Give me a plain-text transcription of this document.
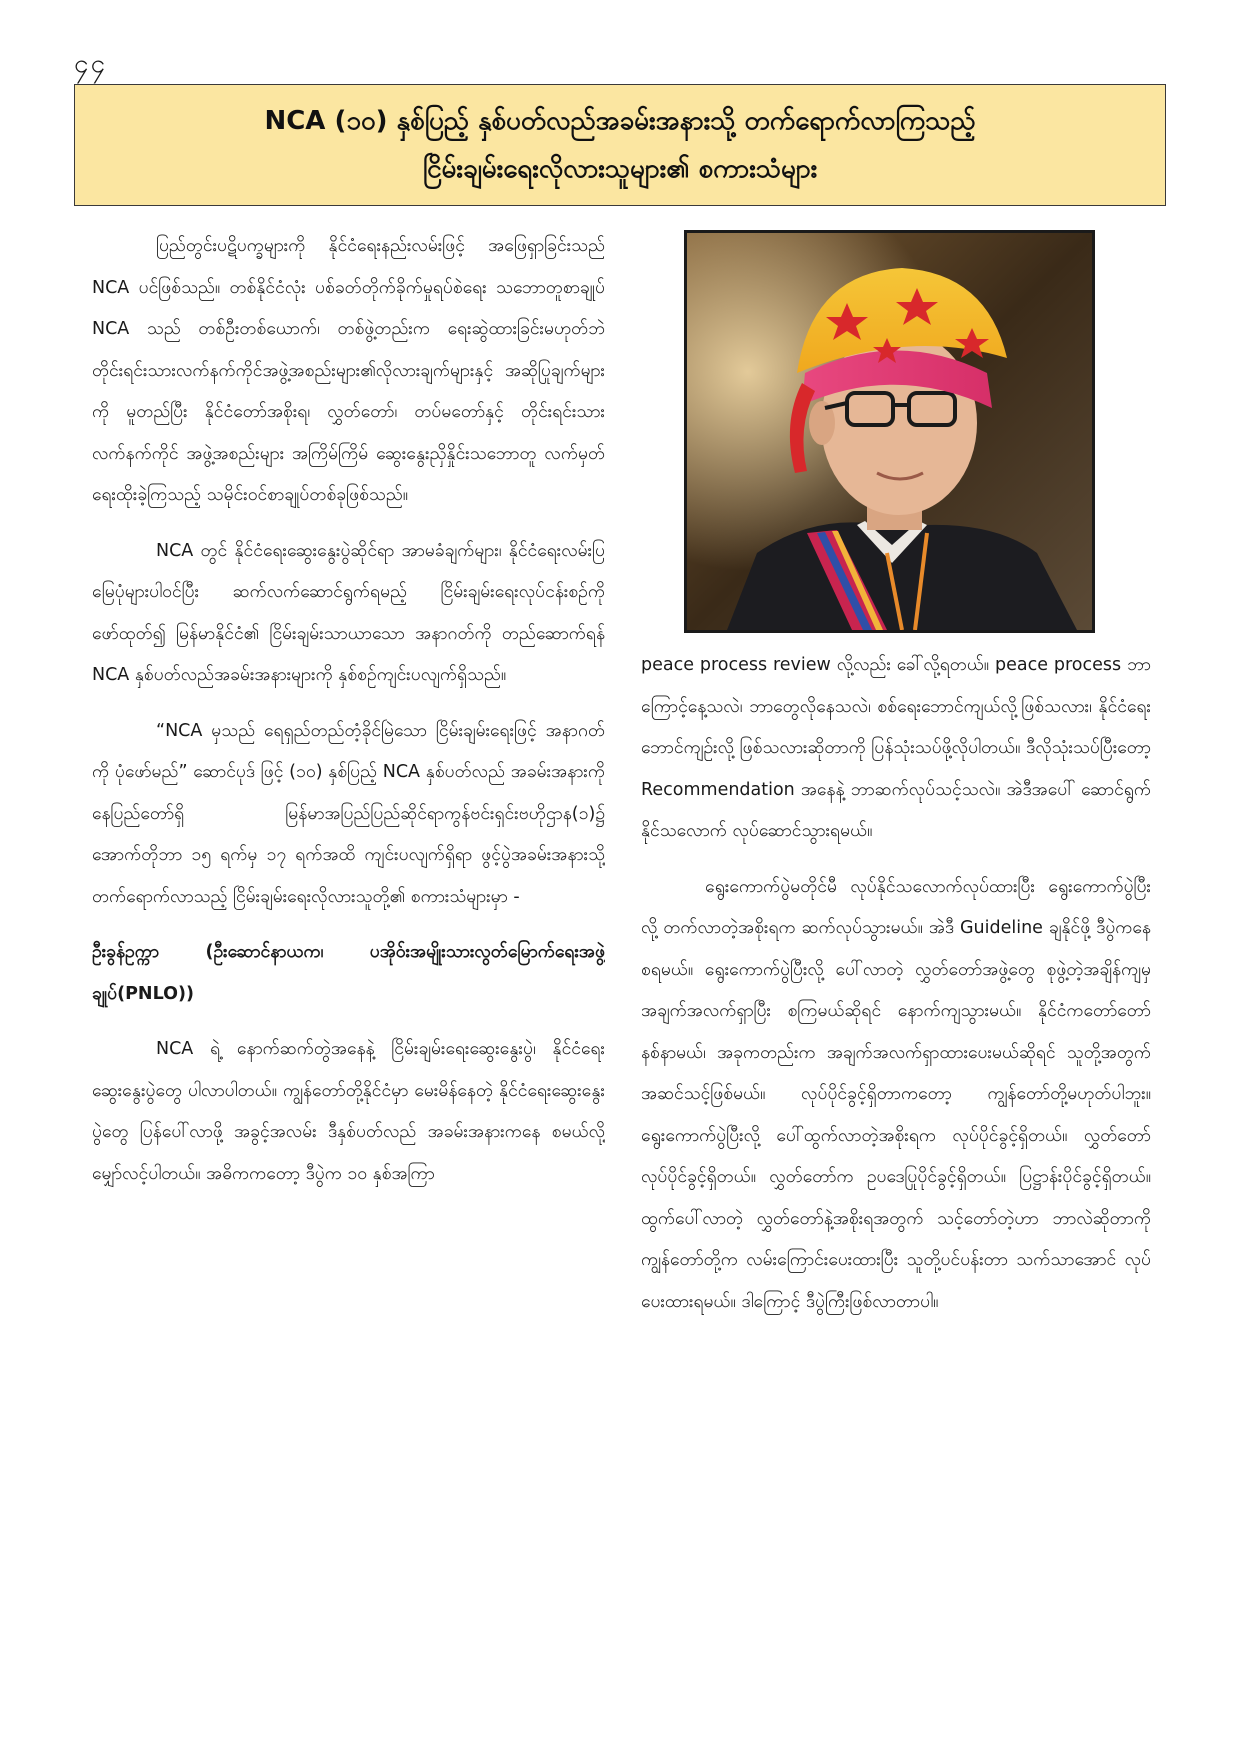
၄၄
NCA (၁၀) နှစ်ပြည့် နှစ်ပတ်လည်အခမ်းအနားသို့ တက်ရောက်လာကြသည့်
ငြိမ်းချမ်းရေးလိုလားသူများ၏ စကားသံများ

ပြည်တွင်းပဋိပက္ခများကို နိုင်ငံရေးနည်းလမ်းဖြင့် အဖြေရှာခြင်းသည် NCA ပင်ဖြစ်သည်။ တစ်နိုင်ငံလုံး ပစ်ခတ်တိုက်ခိုက်မှုရပ်စဲရေး သဘောတူစာချုပ် NCA သည် တစ်ဦးတစ်ယောက်၊ တစ်ဖွဲ့တည်းက ရေးဆွဲထားခြင်းမဟုတ်ဘဲ တိုင်းရင်းသားလက်နက်ကိုင်အဖွဲ့အစည်းများ၏လိုလားချက်များနှင့် အဆိုပြုချက်များကို မူတည်ပြီး နိုင်ငံတော်အစိုးရ၊ လွှတ်တော်၊ တပ်မတော်နှင့် တိုင်းရင်းသားလက်နက်ကိုင် အဖွဲ့အစည်းများ အကြိမ်ကြိမ် ဆွေးနွေးညှိနှိုင်းသဘောတူ လက်မှတ်ရေးထိုးခဲ့ကြသည့် သမိုင်းဝင်စာချုပ်တစ်ခုဖြစ်သည်။

NCA တွင် နိုင်ငံရေးဆွေးနွေးပွဲဆိုင်ရာ အာမခံချက်များ၊ နိုင်ငံရေးလမ်းပြမြေပုံများပါဝင်ပြီး ဆက်လက်ဆောင်ရွက်ရမည့် ငြိမ်းချမ်းရေးလုပ်ငန်းစဉ်ကို ဖော်ထုတ်၍ မြန်မာနိုင်ငံ၏ ငြိမ်းချမ်းသာယာသော အနာဂတ်ကို တည်ဆောက်ရန် NCA နှစ်ပတ်လည်အခမ်းအနားများကို နှစ်စဉ်ကျင်းပလျက်ရှိသည်။

“NCA မှသည် ရေရှည်တည်တံ့ခိုင်မြဲသော ငြိမ်းချမ်းရေးဖြင့် အနာဂတ်ကို ပုံဖော်မည်” ဆောင်ပုဒ် ဖြင့် (၁၀) နှစ်ပြည့် NCA နှစ်ပတ်လည် အခမ်းအနားကို နေပြည်တော်ရှိ မြန်မာအပြည်ပြည်ဆိုင်ရာကွန်ဗင်းရှင်းဗဟိုဌာန(၁)၌ အောက်တိုဘာ ၁၅ ရက်မှ ၁၇ ရက်အထိ ကျင်းပလျက်ရှိရာ ဖွင့်ပွဲအခမ်းအနားသို့ တက်ရောက်လာသည့် ငြိမ်းချမ်းရေးလိုလားသူတို့၏ စကားသံများမှာ -

ဦးခွန်ဥက္ကာ (ဦးဆောင်နာယက၊ ပအိုဝ်းအမျိုးသားလွတ်မြောက်ရေးအဖွဲ့ချုပ်(PNLO))

NCA ရဲ့ နောက်ဆက်တွဲအနေနဲ့ ငြိမ်းချမ်းရေးဆွေးနွေးပွဲ၊ နိုင်ငံရေးဆွေးနွေးပွဲတွေ ပါလာပါတယ်။ ကျွန်တော်တို့နိုင်ငံမှာ မေးမိန်နေတဲ့ နိုင်ငံရေးဆွေးနွေးပွဲတွေ ပြန်ပေါ်လာဖို့ အခွင့်အလမ်း ဒီနှစ်ပတ်လည် အခမ်းအနားကနေ စမယ်လို့ မျှော်လင့်ပါတယ်။ အဓိကကတော့ ဒီပွဲက ၁၀ နှစ်အကြာ

peace process review လို့လည်း ခေါ်လို့ရတယ်။ peace process ဘာကြောင့်နေ့သလဲ၊ ဘာတွေလိုနေသလဲ၊ စစ်ရေးဘောင်ကျယ်လို့ဖြစ်သလား၊ နိုင်ငံရေးဘောင်ကျဉ်းလို့ ဖြစ်သလားဆိုတာကို ပြန်သုံးသပ်ဖို့လိုပါတယ်။ ဒီလိုသုံးသပ်ပြီးတော့ Recommendation အနေနဲ့ ဘာဆက်လုပ်သင့်သလဲ။ အဲဒီအပေါ် ဆောင်ရွက်နိုင်သလောက် လုပ်ဆောင်သွားရမယ်။

ရွေးကောက်ပွဲမတိုင်မီ လုပ်နိုင်သလောက်လုပ်ထားပြီး ရွေးကောက်ပွဲပြီးလို့ တက်လာတဲ့အစိုးရက ဆက်လုပ်သွားမယ်။ အဲဒီ Guideline ချနိုင်ဖို့ ဒီပွဲကနေစရမယ်။ ရွေးကောက်ပွဲပြီးလို့ ပေါ်လာတဲ့ လွှတ်တော်အဖွဲ့တွေ စုဖွဲ့တဲ့အချိန်ကျမှ အချက်အလက်ရှာပြီး စကြမယ်ဆိုရင် နောက်ကျသွားမယ်။ နိုင်ငံကတော်တော်နစ်နာမယ်၊ အခုကတည်းက အချက်အလက်ရှာထားပေးမယ်ဆိုရင် သူတို့အတွက် အဆင်သင့်ဖြစ်မယ်။ လုပ်ပိုင်ခွင့်ရှိတာကတော့ ကျွန်တော်တို့မဟုတ်ပါဘူး။ ရွေးကောက်ပွဲပြီးလို့ ပေါ်ထွက်လာတဲ့အစိုးရက လုပ်ပိုင်ခွင့်ရှိတယ်။ လွှတ်တော်လုပ်ပိုင်ခွင့်ရှိတယ်။ လွှတ်တော်က ဥပဒေပြုပိုင်ခွင့်ရှိတယ်။ ပြဋ္ဌာန်းပိုင်ခွင့်ရှိတယ်။ ထွက်ပေါ်လာတဲ့ လွှတ်တော်နဲ့အစိုးရအတွက် သင့်တော်တဲ့ဟာ ဘာလဲဆိုတာကို ကျွန်တော်တို့က လမ်းကြောင်းပေးထားပြီး သူတို့ပင်ပန်းတာ သက်သာအောင် လုပ်ပေးထားရမယ်။ ဒါကြောင့် ဒီပွဲကြီးဖြစ်လာတာပါ။
